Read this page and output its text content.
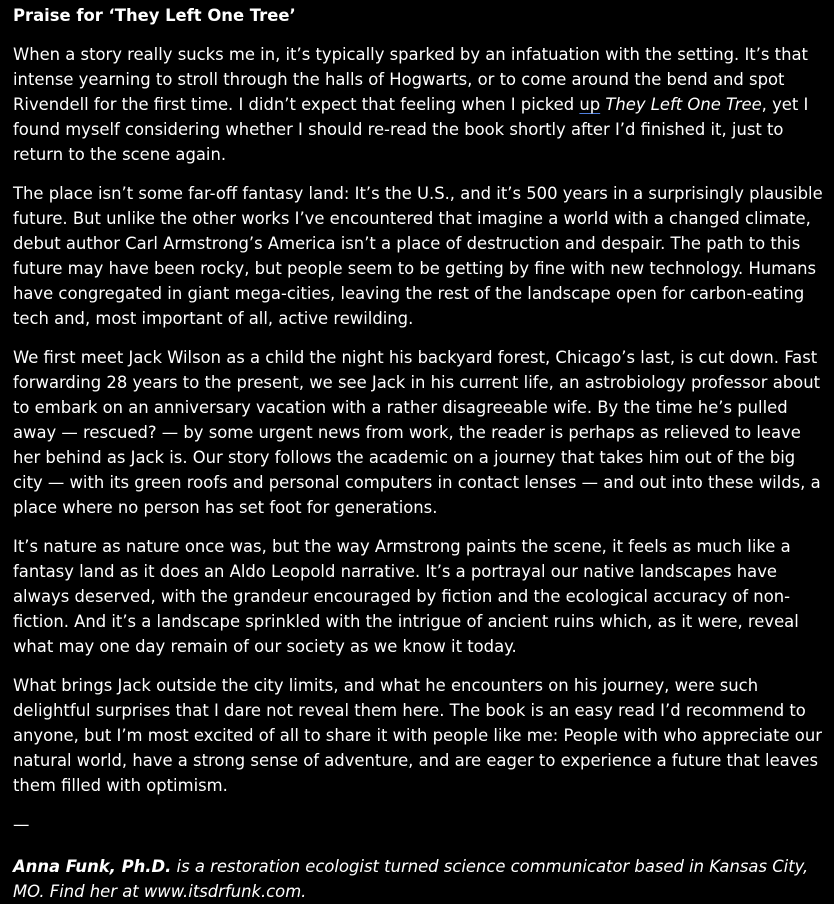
Praise for ‘They Left One Tree’

When a story really sucks me in, it’s typically sparked by an infatuation with the setting. It’s that intense yearning to stroll through the halls of Hogwarts, or to come around the bend and spot Rivendell for the first time. I didn’t expect that feeling when I picked up They Left One Tree, yet I found myself considering whether I should re-read the book shortly after I’d finished it, just to return to the scene again.

The place isn’t some far-off fantasy land: It’s the U.S., and it’s 500 years in a surprisingly plausible future. But unlike the other works I’ve encountered that imagine a world with a changed climate, debut author Carl Armstrong’s America isn’t a place of destruction and despair. The path to this future may have been rocky, but people seem to be getting by fine with new technology. Humans have congregated in giant mega-cities, leaving the rest of the landscape open for carbon-eating tech and, most important of all, active rewilding.

We first meet Jack Wilson as a child the night his backyard forest, Chicago’s last, is cut down. Fast forwarding 28 years to the present, we see Jack in his current life, an astrobiology professor about to embark on an anniversary vacation with a rather disagreeable wife. By the time he’s pulled away — rescued? — by some urgent news from work, the reader is perhaps as relieved to leave her behind as Jack is. Our story follows the academic on a journey that takes him out of the big city — with its green roofs and personal computers in contact lenses — and out into these wilds, a place where no person has set foot for generations.

It’s nature as nature once was, but the way Armstrong paints the scene, it feels as much like a fantasy land as it does an Aldo Leopold narrative. It’s a portrayal our native landscapes have always deserved, with the grandeur encouraged by fiction and the ecological accuracy of non-fiction. And it’s a landscape sprinkled with the intrigue of ancient ruins which, as it were, reveal what may one day remain of our society as we know it today.

What brings Jack outside the city limits, and what he encounters on his journey, were such delightful surprises that I dare not reveal them here. The book is an easy read I’d recommend to anyone, but I’m most excited of all to share it with people like me: People with who appreciate our natural world, have a strong sense of adventure, and are eager to experience a future that leaves them filled with optimism.

—

Anna Funk, Ph.D. is a restoration ecologist turned science communicator based in Kansas City, MO. Find her at www.itsdrfunk.com.
